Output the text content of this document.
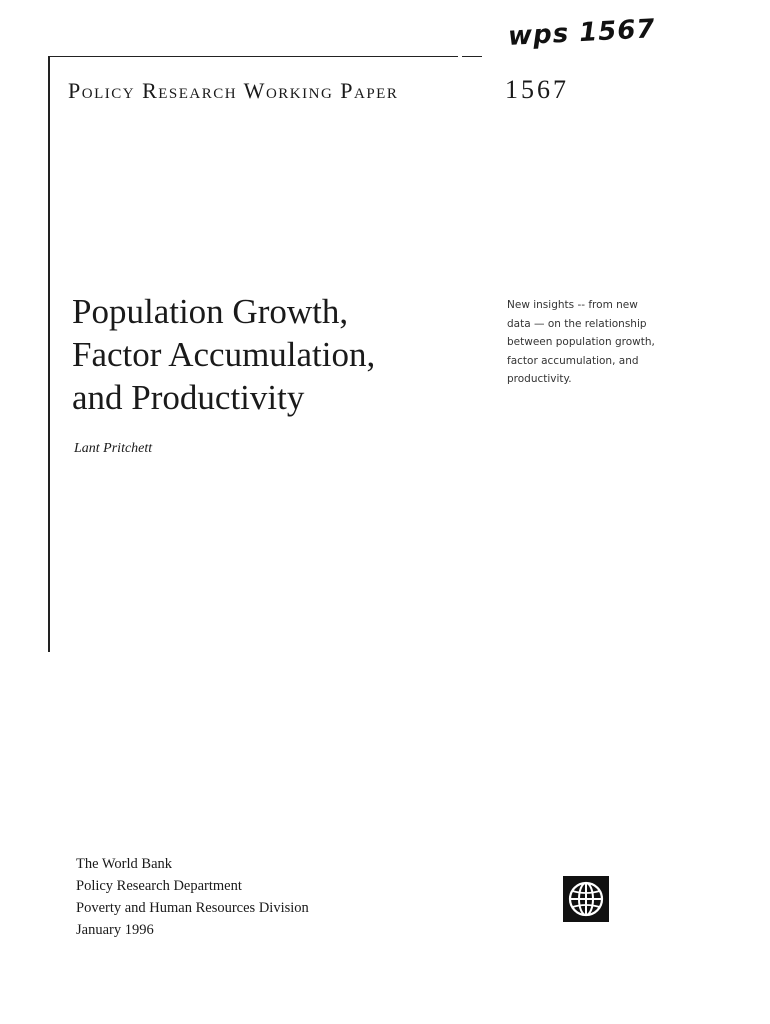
wps 1567
Policy Research Working Paper	1567
Population Growth,
Factor Accumulation,
and Productivity
Lant Pritchett
New insights -- from new
data — on the relationship
between population growth,
factor accumulation, and
productivity.
The World Bank
Policy Research Department
Poverty and Human Resources Division
January 1996
